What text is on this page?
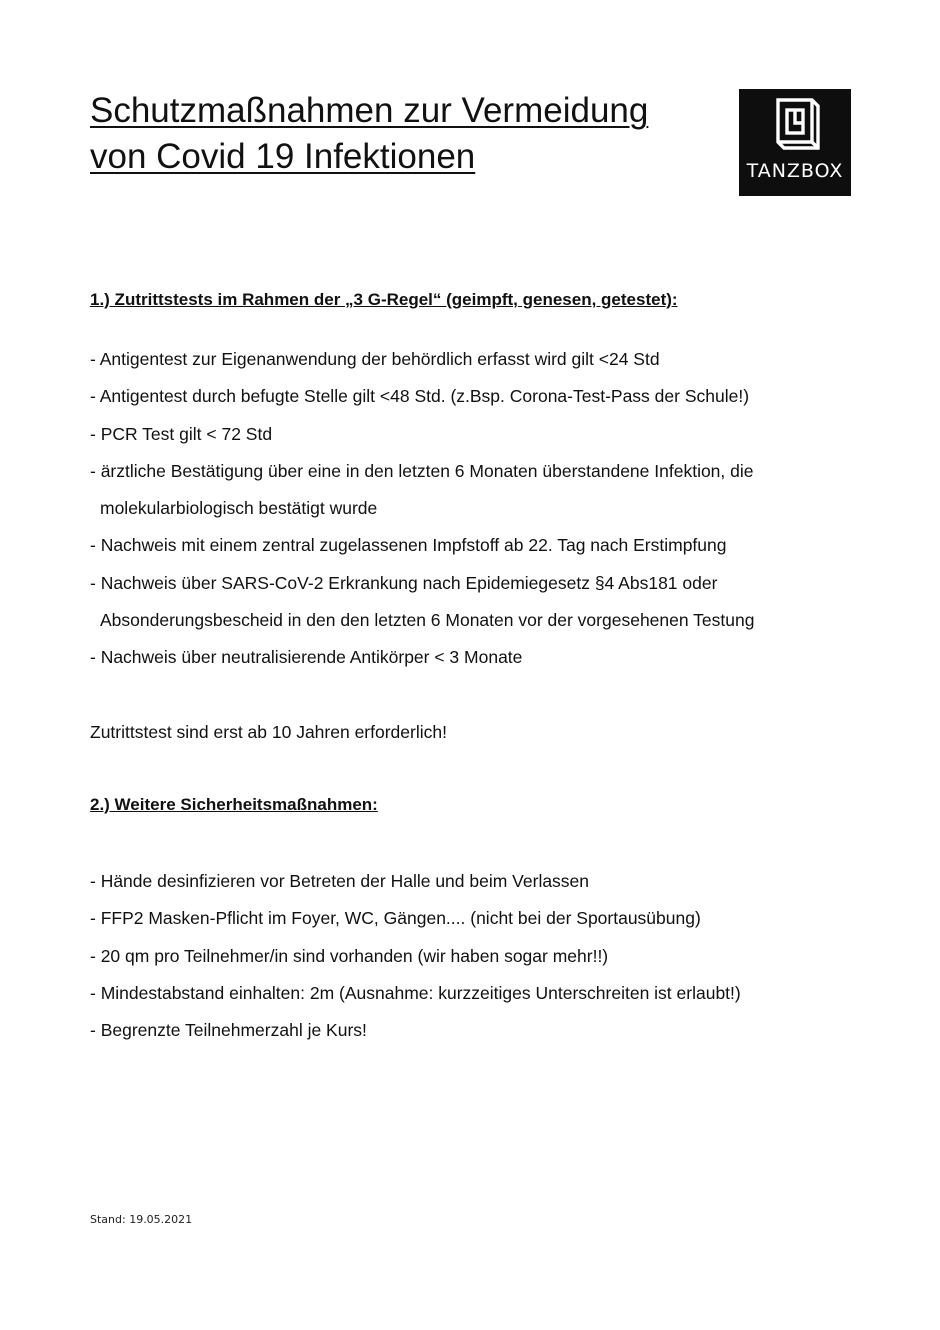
Schutzmaßnahmen zur Vermeidung
von Covid 19 Infektionen	TANZBOX
1.) Zutrittstests im Rahmen der „3 G-Regel“ (geimpft, genesen, getestet):
- Antigentest zur Eigenanwendung der behördlich erfasst wird gilt <24 Std
- Antigentest durch befugte Stelle gilt <48 Std. (z.Bsp. Corona-Test-Pass der Schule!)
- PCR Test gilt < 72 Std
- ärztliche Bestätigung über eine in den letzten 6 Monaten überstandene Infektion, die
molekularbiologisch bestätigt wurde
- Nachweis mit einem zentral zugelassenen Impfstoff ab 22. Tag nach Erstimpfung
- Nachweis über SARS-CoV-2 Erkrankung nach Epidemiegesetz §4 Abs181 oder
Absonderungsbescheid in den den letzten 6 Monaten vor der vorgesehenen Testung
- Nachweis über neutralisierende Antikörper < 3 Monate

Zutrittstest sind erst ab 10 Jahren erforderlich!

2.) Weitere Sicherheitsmaßnahmen:
- Hände desinfizieren vor Betreten der Halle und beim Verlassen
- FFP2 Masken-Pflicht im Foyer, WC, Gängen.... (nicht bei der Sportausübung)
- 20 qm pro Teilnehmer/in sind vorhanden (wir haben sogar mehr!!)
- Mindestabstand einhalten: 2m (Ausnahme: kurzzeitiges Unterschreiten ist erlaubt!)
- Begrenzte Teilnehmerzahl je Kurs!
Stand: 19.05.2021
